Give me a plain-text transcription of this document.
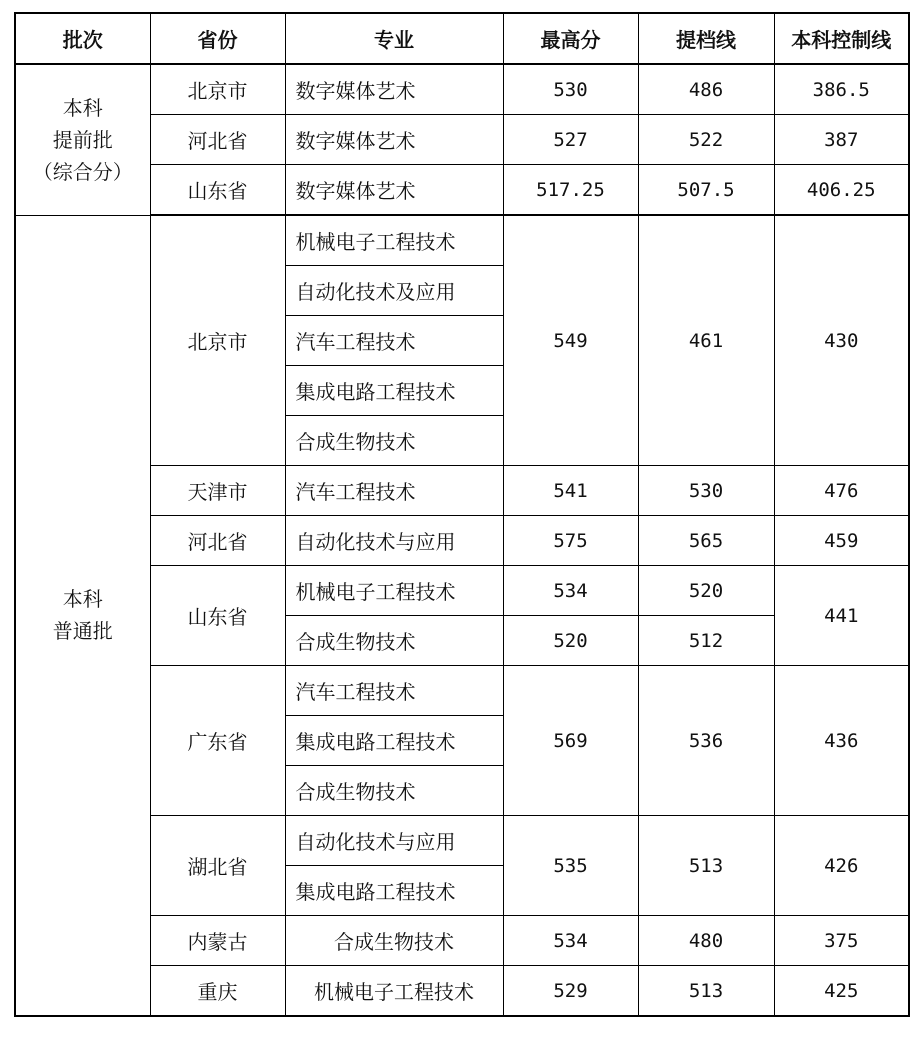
批次	省份	专业	最高分	提档线	本科控制线

本科
提前批
（综合分）	北京市	数字媒体艺术	530	486	386.5
	河北省	数字媒体艺术	527	522	387
	山东省	数字媒体艺术	517.25	507.5	406.25

本科
普通批	北京市	机械电子工程技术	549	461	430
		自动化技术及应用			
		汽车工程技术			
		集成电路工程技术			
		合成生物技术			
	天津市	汽车工程技术	541	530	476
	河北省	自动化技术与应用	575	565	459
	山东省	机械电子工程技术	534	520	441
		合成生物技术	520	512	
	广东省	汽车工程技术	569	536	436
		集成电路工程技术			
		合成生物技术			
	湖北省	自动化技术与应用	535	513	426
		集成电路工程技术			
	内蒙古	合成生物技术	534	480	375
	重庆	机械电子工程技术	529	513	425
